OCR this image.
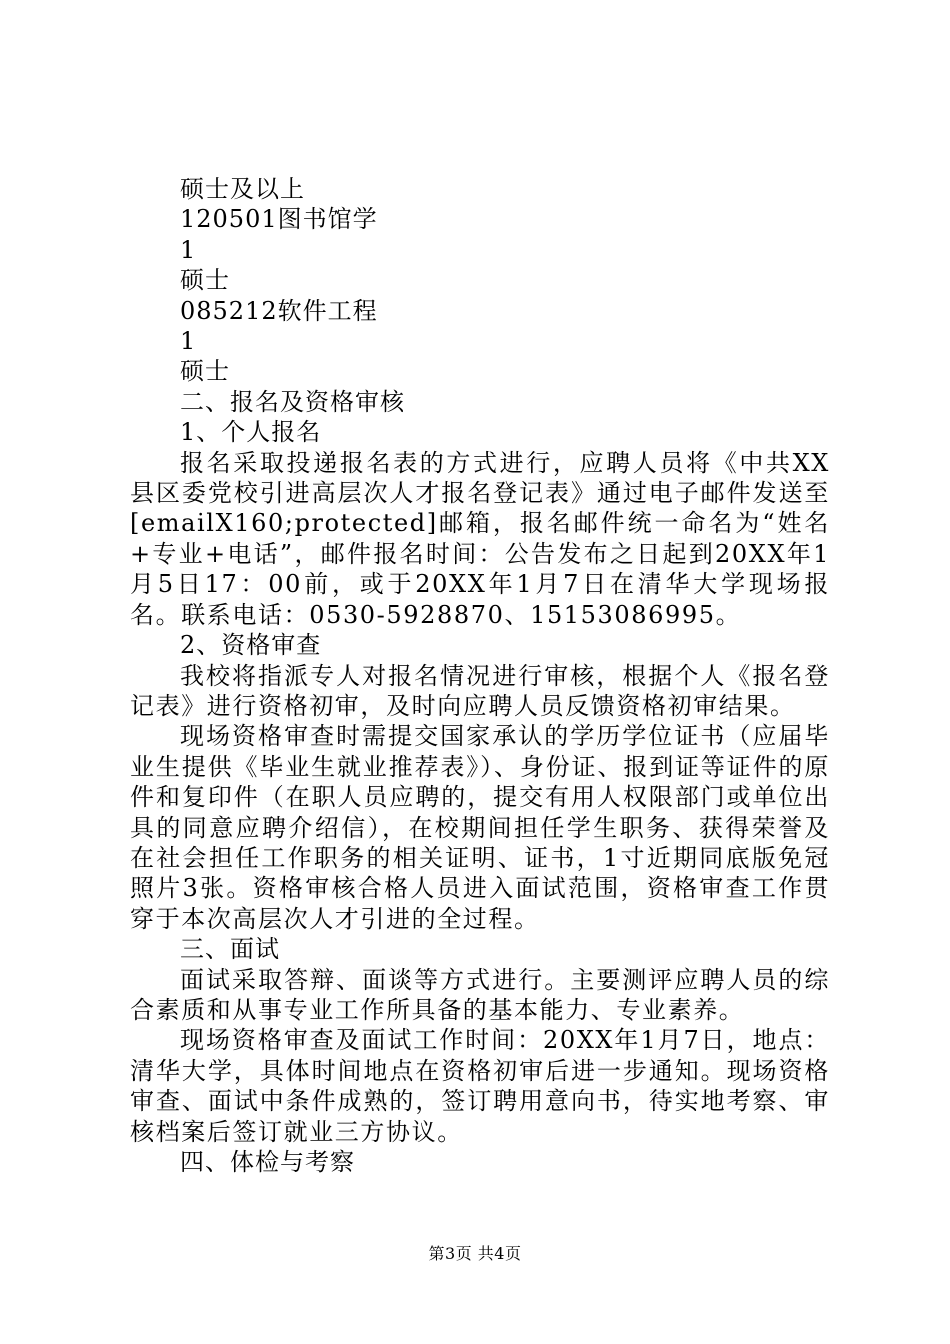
硕士及以上

120501图书馆学

1

硕士

085212软件工程

1

硕士

二、报名及资格审核

1、个人报名

报名采取投递报名表的方式进行，应聘人员将《中共XX县区委党校引进高层次人才报名登记表》通过电子邮件发送至[emailX160;protected]邮箱，报名邮件统一命名为“姓名+专业+电话”，邮件报名时间：公告发布之日起到20XX年1月5日17：00前，或于20XX年1月7日在清华大学现场报名。联系电话：0530-5928870、15153086995。

2、资格审查

我校将指派专人对报名情况进行审核，根据个人《报名登记表》进行资格初审，及时向应聘人员反馈资格初审结果。

现场资格审查时需提交国家承认的学历学位证书（应届毕业生提供《毕业生就业推荐表》）、身份证、报到证等证件的原件和复印件（在职人员应聘的，提交有用人权限部门或单位出具的同意应聘介绍信），在校期间担任学生职务、获得荣誉及在社会担任工作职务的相关证明、证书，1寸近期同底版免冠照片3张。资格审核合格人员进入面试范围，资格审查工作贯穿于本次高层次人才引进的全过程。

三、面试

面试采取答辩、面谈等方式进行。主要测评应聘人员的综合素质和从事专业工作所具备的基本能力、专业素养。

现场资格审查及面试工作时间：20XX年1月7日，地点：清华大学，具体时间地点在资格初审后进一步通知。现场资格审查、面试中条件成熟的，签订聘用意向书，待实地考察、审核档案后签订就业三方协议。

四、体检与考察

第3页 共4页
